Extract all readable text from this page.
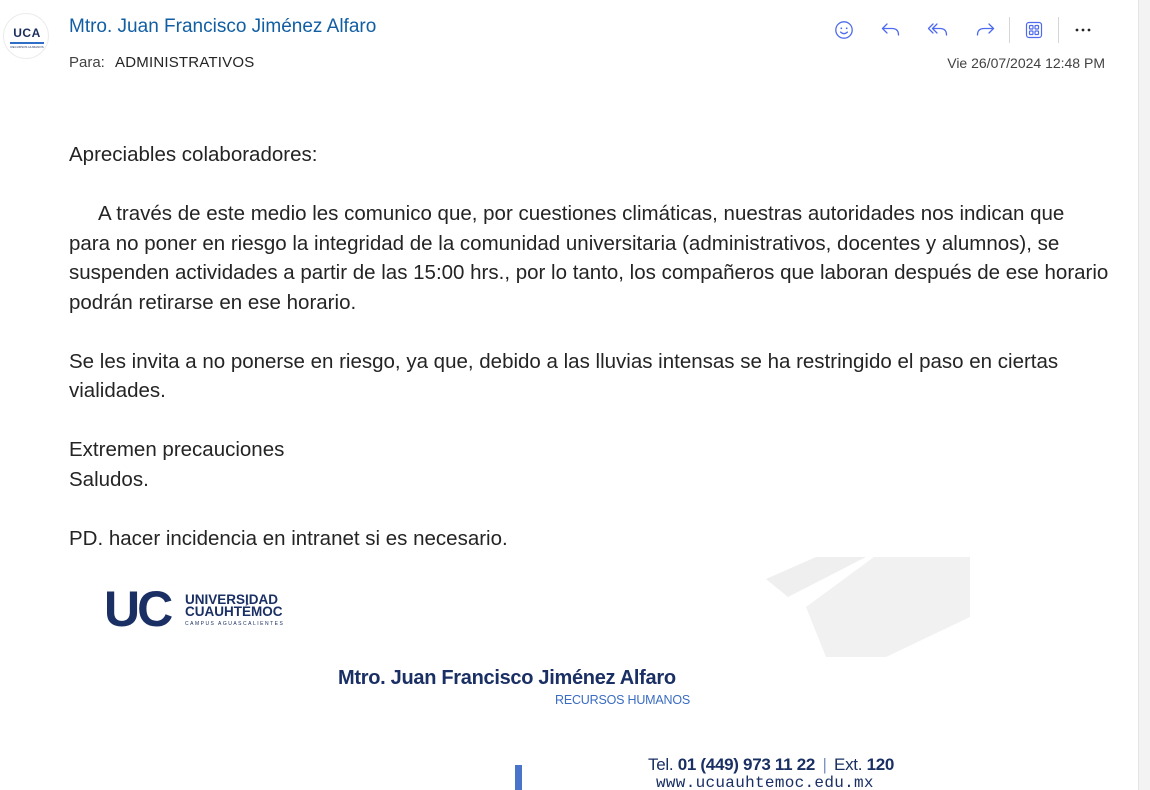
UCA
RECURSOS HUMANOS
Mtro. Juan Francisco Jiménez Alfaro
Para: ADMINISTRATIVOS	Vie 26/07/2024 12:48 PM

Apreciables colaboradores:

A través de este medio les comunico que, por cuestiones climáticas, nuestras autoridades nos indican que para no poner en riesgo la integridad de la comunidad universitaria (administrativos, docentes y alumnos), se suspenden actividades a partir de las 15:00 hrs., por lo tanto, los compañeros que laboran después de ese horario  podrán retirarse en ese horario.

Se les invita a no ponerse en riesgo, ya que, debido a las lluvias intensas se ha restringido el paso en ciertas vialidades.

Extremen precauciones

Saludos.

PD. hacer incidencia en intranet si es necesario.

UC UNIVERSIDAD
CUAUHTÉMOC
CAMPUS AGUASCALIENTES
Mtro. Juan Francisco Jiménez Alfaro
RECURSOS HUMANOS
Tel. 01 (449) 973 11 22 | Ext. 120
www.ucuauhtemoc.edu.mx
